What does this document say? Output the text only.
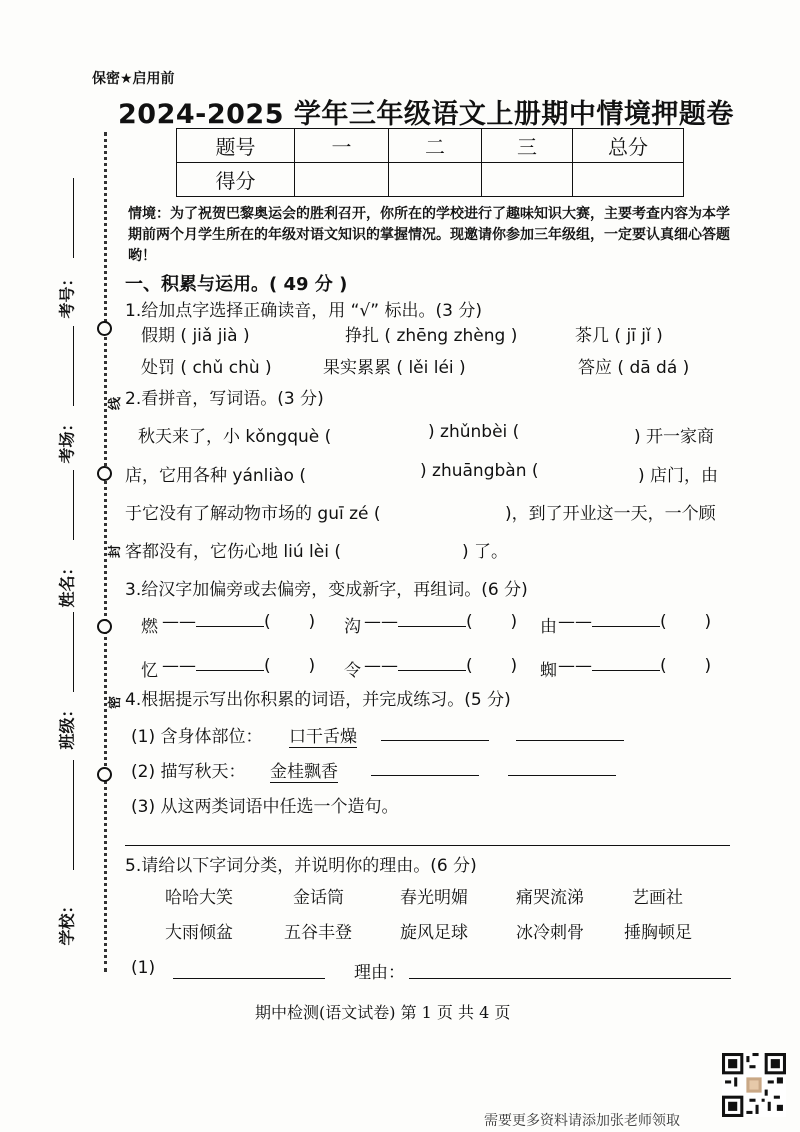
线
封
密
考号：
考场：
姓名：
班级：
学校：
保密★启用前
2024-2025 学年三年级语文上册期中情境押题卷
题号	一	二	三	总分
得分				
情境：为了祝贺巴黎奥运会的胜利召开，你所在的学校进行了趣味知识大赛，主要考查内容为本学期前两个月学生所在的年级对语文知识的掌握情况。现邀请你参加三年级组，一定要认真细心答题哟！
一、积累与运用。( 49 分 )
1.给加点字选择正确读音，用 “√” 标出。(3 分)
假期 ( jiǎ jià )	挣扎 ( zhēng zhèng )	茶几 ( jī jǐ )
处罚 ( chǔ chù )	果实累累 ( lěi léi )	答应 ( dā dá )
2.看拼音，写词语。(3 分)
秋天来了，小 kǒngquè (	) zhǔnbèi (	) 开一家商
店，它用各种 yánliào (	) zhuāngbàn (	) 店门，由
于它没有了解动物市场的 guī zé (	)，到了开业这一天，一个顾
客都没有，它伤心地 liú lèi (	) 了。
3.给汉字加偏旁或去偏旁，变成新字，再组词。(6 分)
燃 ——	(       ) 沟 ——	(       ) 由 ——	(       )
忆 ——	(       ) 令 ——	(       ) 蜘 ——	(       )
4.根据提示写出你积累的词语，并完成练习。(5 分)
(1) 含身体部位： 口干舌燥
(2) 描写秋天： 金桂飘香
(3) 从这两类词语中任选一个造句。
5.请给以下字词分类，并说明你的理由。(6 分)
哈哈大笑	金话筒	春光明媚	痛哭流涕	艺画社
大雨倾盆	五谷丰登	旋风足球	冰冷刺骨 捶胸顿足
(1)	理由：
期中检测(语文试卷) 第 1 页 共 4 页
需要更多资料请添加张老师领取
